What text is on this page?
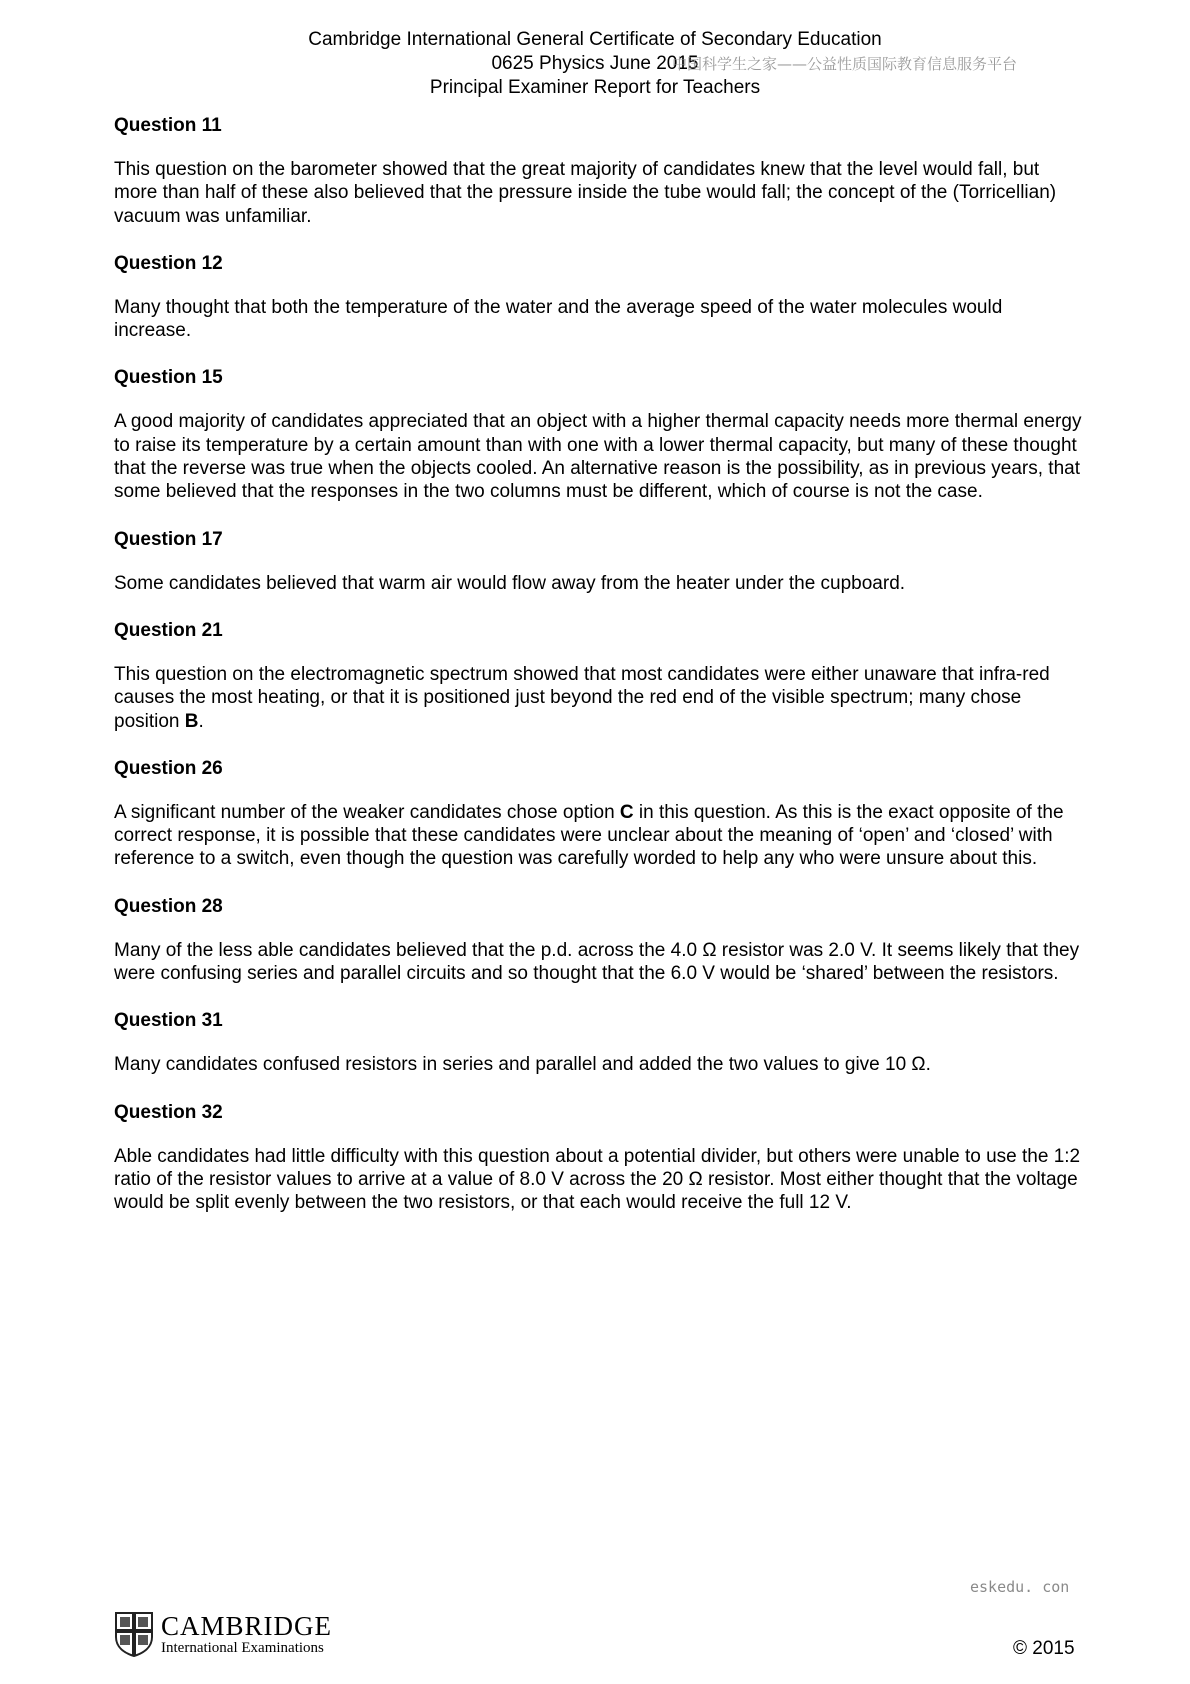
Cambridge International General Certificate of Secondary Education
0625 Physics June 2015
Principal Examiner Report for Teachers
中国科学生之家——公益性质国际教育信息服务平台
Question 11

This question on the barometer showed that the great majority of candidates knew that the level would fall, but more than half of these also believed that the pressure inside the tube would fall; the concept of the (Torricellian) vacuum was unfamiliar.

Question 12

Many thought that both the temperature of the water and the average speed of the water molecules would increase.

Question 15

A good majority of candidates appreciated that an object with a higher thermal capacity needs more thermal energy to raise its temperature by a certain amount than with one with a lower thermal capacity, but many of these thought that the reverse was true when the objects cooled. An alternative reason is the possibility, as in previous years, that some believed that the responses in the two columns must be different, which of course is not the case.

Question 17

Some candidates believed that warm air would flow away from the heater under the cupboard.

Question 21

This question on the electromagnetic spectrum showed that most candidates were either unaware that infra-red causes the most heating, or that it is positioned just beyond the red end of the visible spectrum; many chose position B.

Question 26

A significant number of the weaker candidates chose option C in this question. As this is the exact opposite of the correct response, it is possible that these candidates were unclear about the meaning of ‘open’ and ‘closed’ with reference to a switch, even though the question was carefully worded to help any who were unsure about this.

Question 28

Many of the less able candidates believed that the p.d. across the 4.0 Ω resistor was 2.0 V. It seems likely that they were confusing series and parallel circuits and so thought that the 6.0 V would be ‘shared’ between the resistors.

Question 31

Many candidates confused resistors in series and parallel and added the two values to give 10 Ω.

Question 32

Able candidates had little difficulty with this question about a potential divider, but others were unable to use the 1:2 ratio of the resistor values to arrive at a value of 8.0 V across the 20 Ω resistor. Most either thought that the voltage would be split evenly between the two resistors, or that each would receive the full 12 V.

eskedu. con
CAMBRIDGE
International Examinations	© 2015
